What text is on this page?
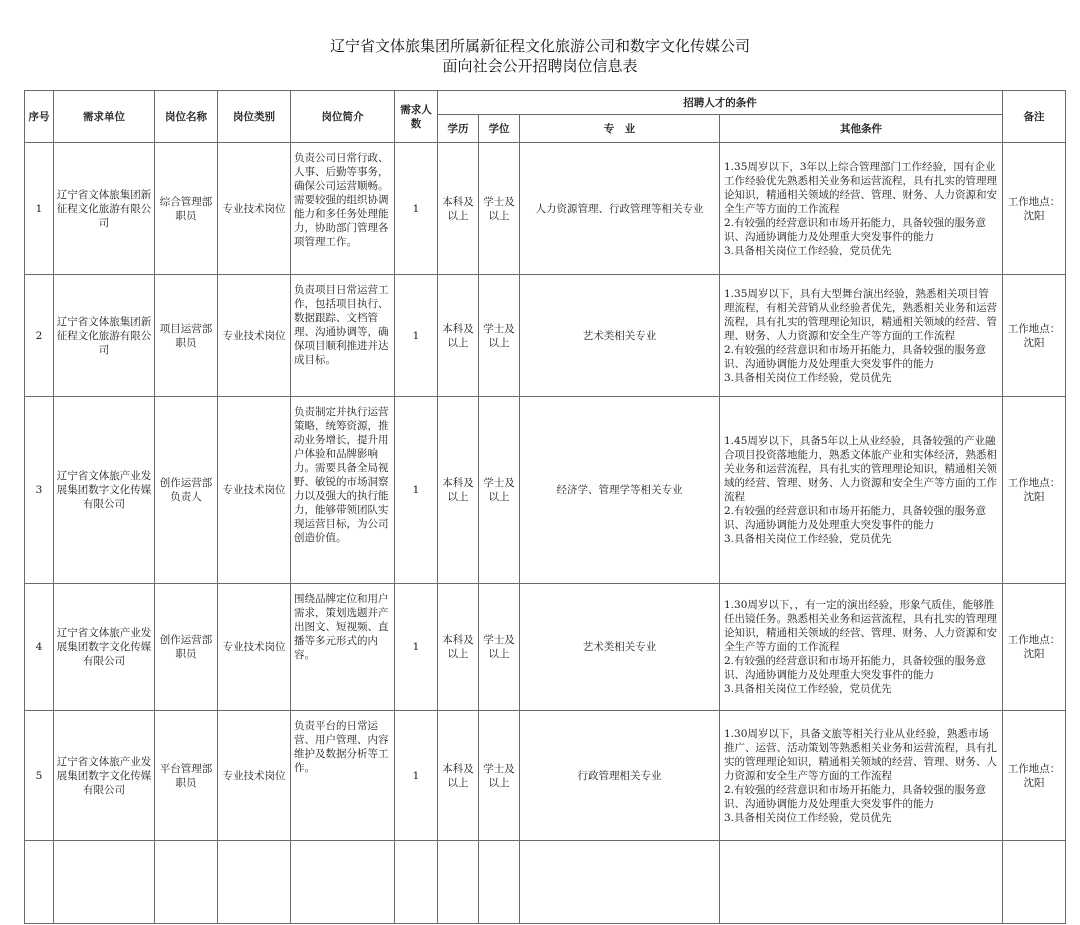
辽宁省文体旅集团所属新征程文化旅游公司和数字文化传媒公司
面向社会公开招聘岗位信息表
序号	需求单位	岗位名称	岗位类别	岗位简介	需求人数	招聘人才的条件				备注
						学历	学位	专　业	其他条件	
1	辽宁省文体旅集团新征程文化旅游有限公司	综合管理部职员	专业技术岗位	负责公司日常行政、人事、后勤等事务，确保公司运营顺畅。需要较强的组织协调能力和多任务处理能力，协助部门管理各项管理工作。	1	本科及以上	学士及以上	人力资源管理、行政管理等相关专业	1.35周岁以下，3年以上综合管理部门工作经验，国有企业工作经验优先熟悉相关业务和运营流程，具有扎实的管理理论知识，精通相关领域的经营、管理、财务、人力资源和安全生产等方面的工作流程
2.有较强的经营意识和市场开拓能力，具备较强的服务意识、沟通协调能力及处理重大突发事件的能力
3.具备相关岗位工作经验，党员优先	工作地点：沈阳
2	辽宁省文体旅集团新征程文化旅游有限公司	项目运营部职员	专业技术岗位	负责项目日常运营工作，包括项目执行、数据跟踪、文档管理、沟通协调等，确保项目顺利推进并达成目标。	1	本科及以上	学士及以上	艺术类相关专业	1.35周岁以下，具有大型舞台演出经验，熟悉相关项目管理流程，有相关营销从业经验者优先，熟悉相关业务和运营流程，具有扎实的管理理论知识，精通相关领域的经营、管理、财务、人力资源和安全生产等方面的工作流程
2.有较强的经营意识和市场开拓能力，具备较强的服务意识、沟通协调能力及处理重大突发事件的能力
3.具备相关岗位工作经验，党员优先	工作地点：沈阳
3	辽宁省文体旅产业发展集团数字文化传媒有限公司	创作运营部负责人	专业技术岗位	负责制定并执行运营策略，统筹资源，推动业务增长，提升用户体验和品牌影响力。需要具备全局视野、敏锐的市场洞察力以及强大的执行能力，能够带领团队实现运营目标，为公司创造价值。	1	本科及以上	学士及以上	经济学、管理学等相关专业	1.45周岁以下，具备5年以上从业经验，具备较强的产业融合项目投资落地能力，熟悉文体旅产业和实体经济，熟悉相关业务和运营流程，具有扎实的管理理论知识，精通相关领域的经营、管理、财务、人力资源和安全生产等方面的工作流程
2.有较强的经营意识和市场开拓能力，具备较强的服务意识、沟通协调能力及处理重大突发事件的能力
3.具备相关岗位工作经验，党员优先	工作地点：沈阳
4	辽宁省文体旅产业发展集团数字文化传媒有限公司	创作运营部职员	专业技术岗位	围绕品牌定位和用户需求，策划选题并产出图文、短视频、直播等多元形式的内容。	1	本科及以上	学士及以上	艺术类相关专业	1.30周岁以下，，有一定的演出经验，形象气质佳，能够胜任出镜任务。熟悉相关业务和运营流程，具有扎实的管理理论知识，精通相关领域的经营、管理、财务、人力资源和安全生产等方面的工作流程
2.有较强的经营意识和市场开拓能力，具备较强的服务意识、沟通协调能力及处理重大突发事件的能力
3.具备相关岗位工作经验，党员优先	工作地点：沈阳
5	辽宁省文体旅产业发展集团数字文化传媒有限公司	平台管理部职员	专业技术岗位	负责平台的日常运营、用户管理、内容维护及数据分析等工作。	1	本科及以上	学士及以上	行政管理相关专业	1.30周岁以下，具备文旅等相关行业从业经验，熟悉市场推广、运营、活动策划等熟悉相关业务和运营流程，具有扎实的管理理论知识，精通相关领域的经营、管理、财务、人力资源和安全生产等方面的工作流程
2.有较强的经营意识和市场开拓能力，具备较强的服务意识、沟通协调能力及处理重大突发事件的能力
3.具备相关岗位工作经验，党员优先	工作地点：沈阳
